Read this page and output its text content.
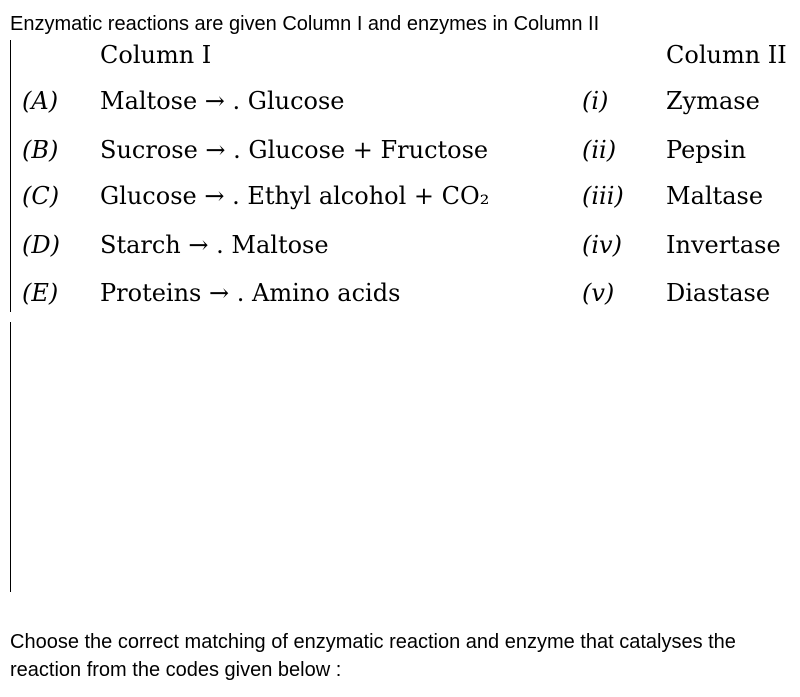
Enzymatic reactions are given Column I and enzymes in Column II
Column I	Column II
(A) Maltose → . Glucose	(i) Zymase
(B) Sucrose → . Glucose + Fructose	(ii) Pepsin
(C) Glucose → . Ethyl alcohol + CO₂	(iii) Maltase
(D) Starch → . Maltose	(iv) Invertase
(E) Proteins → . Amino acids	(v) Diastase
Choose the correct matching of enzymatic reaction and enzyme that catalyses the reaction from the codes given below :
